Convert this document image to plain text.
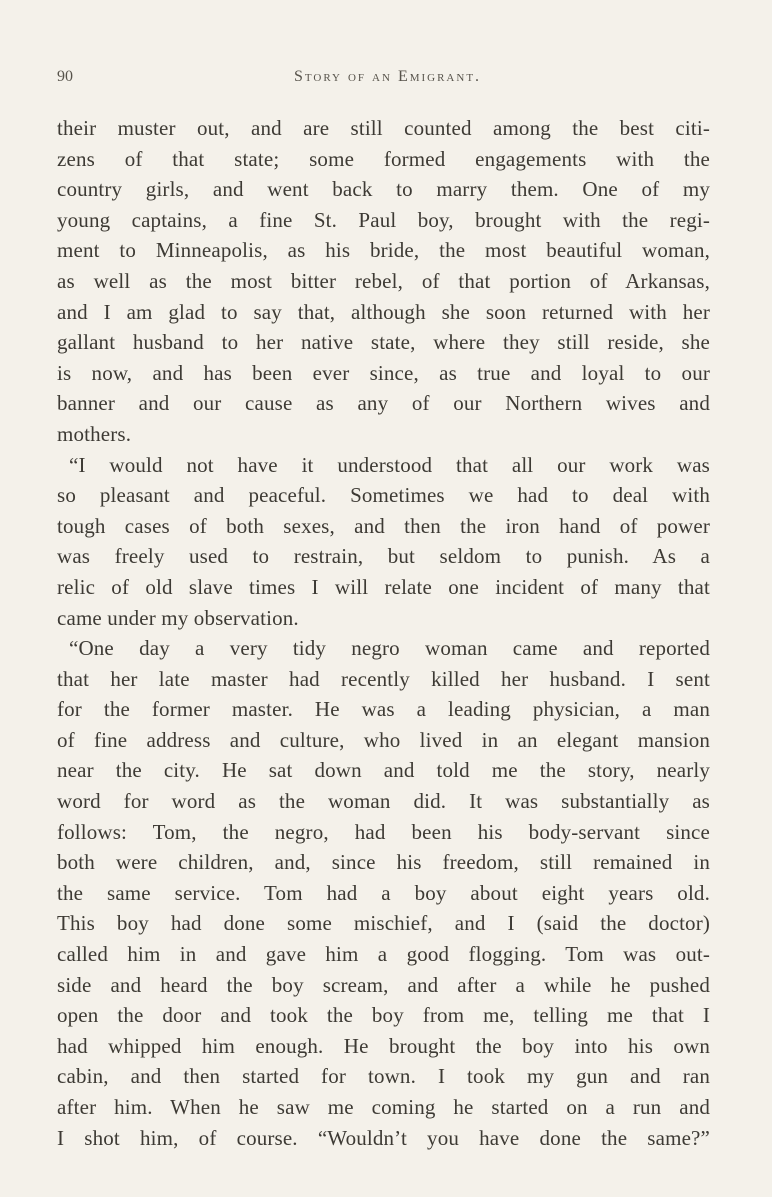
90	Story of an Emigrant.
their muster out, and are still counted among the best citi-
zens of that state; some formed engagements with the
country girls, and went back to marry them. One of my
young captains, a fine St. Paul boy, brought with the regi-
ment to Minneapolis, as his bride, the most beautiful woman,
as well as the most bitter rebel, of that portion of Arkansas,
and I am glad to say that, although she soon returned with her
gallant husband to her native state, where they still reside, she
is now, and has been ever since, as true and loyal to our
banner and our cause as any of our Northern wives and
mothers.
“I would not have it understood that all our work was
so pleasant and peaceful. Sometimes we had to deal with
tough cases of both sexes, and then the iron hand of power
was freely used to restrain, but seldom to punish. As a
relic of old slave times I will relate one incident of many that
came under my observation.
“One day a very tidy negro woman came and reported
that her late master had recently killed her husband. I sent
for the former master. He was a leading physician, a man
of fine address and culture, who lived in an elegant mansion
near the city. He sat down and told me the story, nearly
word for word as the woman did. It was substantially as
follows: Tom, the negro, had been his body-servant since
both were children, and, since his freedom, still remained in
the same service. Tom had a boy about eight years old.
This boy had done some mischief, and I (said the doctor)
called him in and gave him a good flogging. Tom was out-
side and heard the boy scream, and after a while he pushed
open the door and took the boy from me, telling me that I
had whipped him enough. He brought the boy into his own
cabin, and then started for town. I took my gun and ran
after him. When he saw me coming he started on a run and
I shot him, of course. “Wouldn’t you have done the same?”
